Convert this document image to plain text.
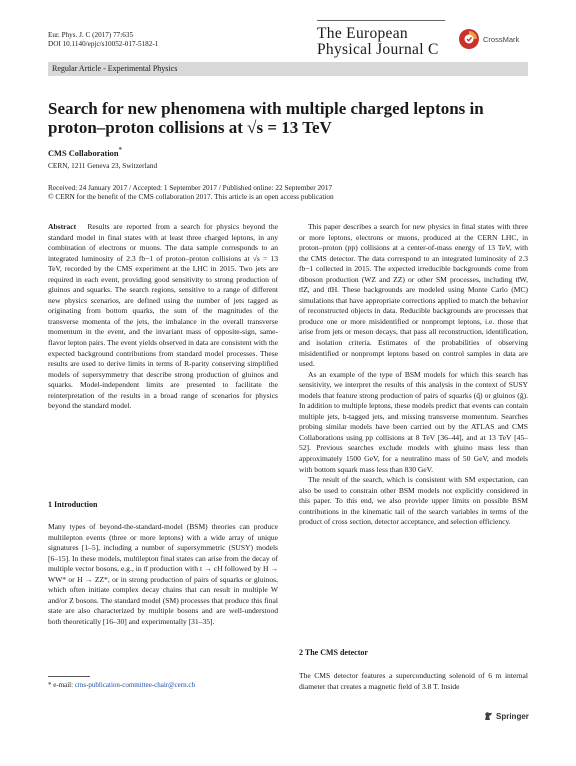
Eur. Phys. J. C (2017) 77:635
DOI 10.1140/epjc/s10052-017-5182-1
The European
Physical Journal C
CrossMark
Regular Article - Experimental Physics
Search for new phenomena with multiple charged leptons in
proton–proton collisions at √s = 13 TeV
CMS Collaboration*
CERN, 1211 Geneva 23, Switzerland
Received: 24 January 2017 / Accepted: 1 September 2017 / Published online: 22 September 2017
© CERN for the benefit of the CMS collaboration 2017. This article is an open access publication

Abstract Results are reported from a search for physics beyond the standard model in final states with at least three charged leptons, in any combination of electrons or muons. The data sample corresponds to an integrated luminosity of 2.3 fb−1 of proton–proton collisions at √s = 13 TeV, recorded by the CMS experiment at the LHC in 2015. Two jets are required in each event, providing good sensitivity to strong production of gluinos and squarks. The search regions, sensitive to a range of different new physics scenarios, are defined using the number of jets tagged as originating from bottom quarks, the sum of the magnitudes of the transverse momenta of the jets, the imbalance in the overall transverse momentum in the event, and the invariant mass of opposite-sign, same-flavor lepton pairs. The event yields observed in data are consistent with the expected background contributions from standard model processes. These results are used to derive limits in terms of R-parity conserving simplified models of supersymmetry that describe strong production of gluinos and squarks. Model-independent limits are presented to facilitate the reinterpretation of the results in a broad range of scenarios for physics beyond the standard model.

1 Introduction
Many types of beyond-the-standard-model (BSM) theories can produce multilepton events (three or more leptons) with a wide array of unique signatures [1–5], including a number of supersymmetric (SUSY) models [6–15]. In these models, multilepton final states can arise from the decay of multiple vector bosons, e.g., in tt̄ production with t → cH followed by H → WW* or H → ZZ*, or in strong production of pairs of squarks or gluinos, which often initiate complex decay chains that can result in multiple W and/or Z bosons. The standard model (SM) processes that produce this final state are also characterized by multiple bosons and are well-understood both theoretically [16–30] and experimentally [31–35].
* e-mail: cms-publication-committee-chair@cern.ch

This paper describes a search for new physics in final states with three or more leptons, electrons or muons, produced at the CERN LHC, in proton–proton (pp) collisions at a center-of-mass energy of 13 TeV, with the CMS detector. The data correspond to an integrated luminosity of 2.3 fb−1 collected in 2015. The expected irreducible backgrounds come from diboson production (WZ and ZZ) or other SM processes, including tt̄W, tt̄Z, and tt̄H. These backgrounds are modeled using Monte Carlo (MC) simulations that have appropriate corrections applied to match the behavior of reconstructed objects in data. Reducible backgrounds are processes that produce one or more misidentified or nonprompt leptons, i.e. those that arise from jets or meson decays, that pass all reconstruction, identification, and isolation criteria. Estimates of the probabilities of observing misidentified or nonprompt leptons based on control samples in data are used.

As an example of the type of BSM models for which this search has sensitivity, we interpret the results of this analysis in the context of SUSY models that feature strong production of pairs of squarks (q̃) or gluinos (g̃). In addition to multiple leptons, these models predict that events can contain multiple jets, b-tagged jets, and missing transverse momentum. Searches probing similar models have been carried out by the ATLAS and CMS Collaborations using pp collisions at 8 TeV [36–44], and at 13 TeV [45–52]. Previous searches exclude models with gluino mass less than approximately 1500 GeV, for a neutralino mass of 50 GeV, and models with bottom squark mass less than 830 GeV.

The result of the search, which is consistent with SM expectation, can also be used to constrain other BSM models not explicitly considered in this paper. To this end, we also provide upper limits on possible BSM contributions in the kinematic tail of the search variables in terms of the product of cross section, detector acceptance, and selection efficiency.

2 The CMS detector
The CMS detector features a superconducting solenoid of 6 m internal diameter that creates a magnetic field of 3.8 T. Inside
Springer
